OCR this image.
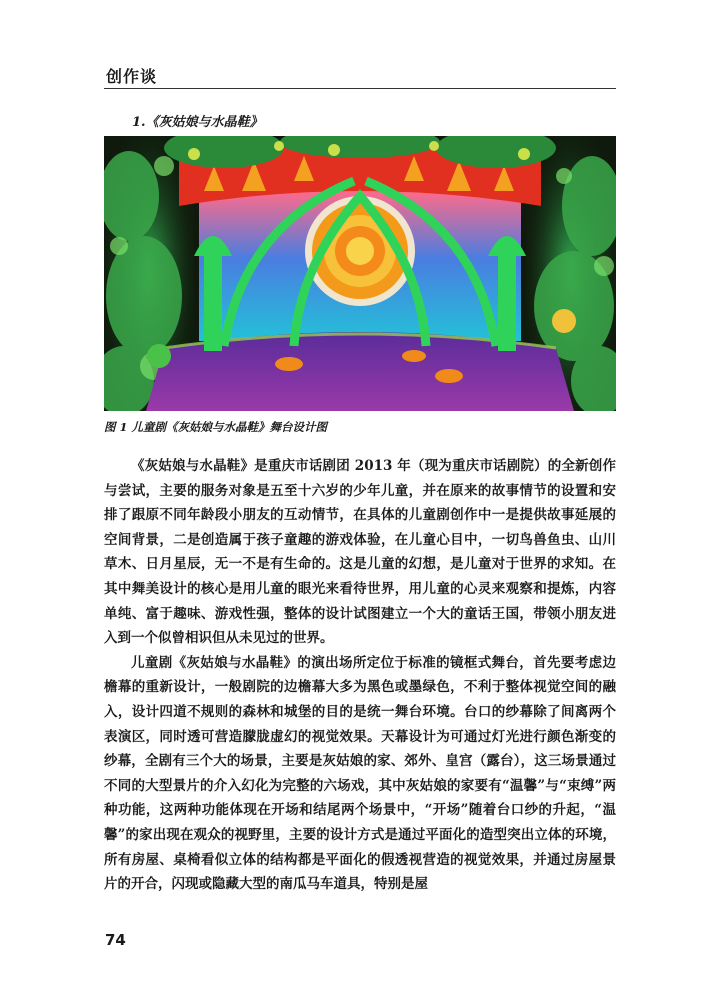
创作谈
1.《灰姑娘与水晶鞋》
图 1 儿童剧《灰姑娘与水晶鞋》舞台设计图

《灰姑娘与水晶鞋》是重庆市话剧团 2013 年（现为重庆市话剧院）的全新创作与尝试，主要的服务对象是五至十六岁的少年儿童，并在原来的故事情节的设置和安排了跟原不同年龄段小朋友的互动情节，在具体的儿童剧创作中一是提供故事延展的空间背景，二是创造属于孩子童趣的游戏体验，在儿童心目中，一切鸟兽鱼虫、山川草木、日月星辰，无一不是有生命的。这是儿童的幻想，是儿童对于世界的求知。在其中舞美设计的核心是用儿童的眼光来看待世界，用儿童的心灵来观察和提炼，内容单纯、富于趣味、游戏性强，整体的设计试图建立一个大的童话王国，带领小朋友进入到一个似曾相识但从未见过的世界。

儿童剧《灰姑娘与水晶鞋》的演出场所定位于标准的镜框式舞台，首先要考虑边檐幕的重新设计，一般剧院的边檐幕大多为黑色或墨绿色，不利于整体视觉空间的融入，设计四道不规则的森林和城堡的目的是统一舞台环境。台口的纱幕除了间离两个表演区，同时透可营造朦胧虚幻的视觉效果。天幕设计为可通过灯光进行颜色渐变的纱幕，全剧有三个大的场景，主要是灰姑娘的家、郊外、皇宫（露台），这三场景通过不同的大型景片的介入幻化为完整的六场戏，其中灰姑娘的家要有“温馨”与“束缚”两种功能，这两种功能体现在开场和结尾两个场景中，“开场”随着台口纱的升起，“温馨”的家出现在观众的视野里，主要的设计方式是通过平面化的造型突出立体的环境，所有房屋、桌椅看似立体的结构都是平面化的假透视营造的视觉效果，并通过房屋景片的开合，闪现或隐藏大型的南瓜马车道具，特别是屋

74
